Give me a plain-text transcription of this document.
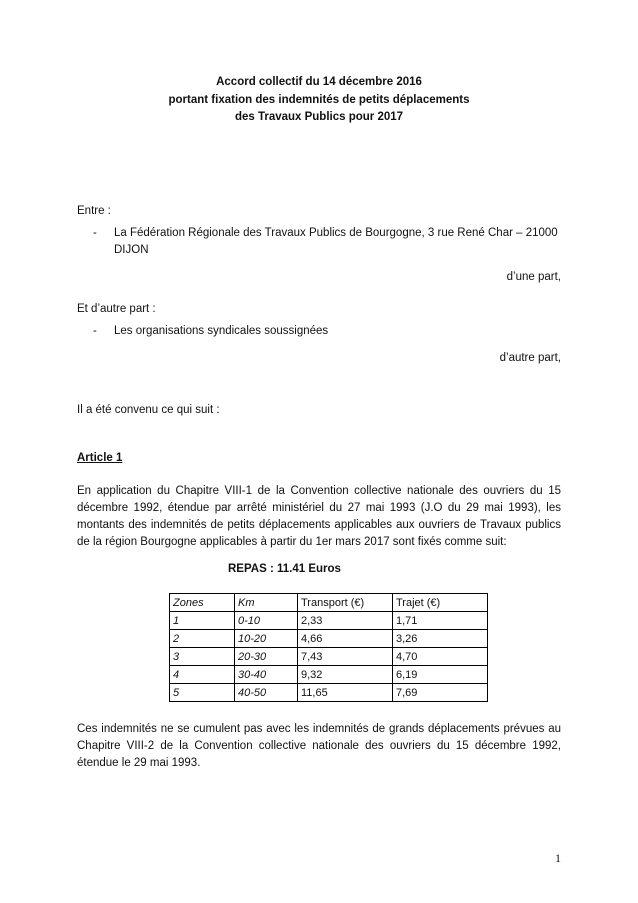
Accord collectif du 14 décembre 2016
portant fixation des indemnités de petits déplacements
des Travaux Publics pour 2017
Entre :
- La Fédération Régionale des Travaux Publics de Bourgogne, 3 rue René Char – 21000
DIJON
d’une part,
Et d’autre part :
- Les organisations syndicales soussignées
d’autre part,
Il a été convenu ce qui suit :
Article 1
En application du Chapitre VIII-1 de la Convention collective nationale des ouvriers du 15 décembre 1992, étendue par arrêté ministériel du 27 mai 1993 (J.O du 29 mai 1993), les montants des indemnités de petits déplacements applicables aux ouvriers de Travaux publics de la région Bourgogne applicables à partir du 1er mars 2017 sont fixés comme suit:
REPAS : 11.41 Euros
Zones	Km	Transport (€)	Trajet (€)
1	0-10	2,33	1,71
2	10-20	4,66	3,26
3	20-30	7,43	4,70
4	30-40	9,32	6,19
5	40-50	11,65	7,69
Ces indemnités ne se cumulent pas avec les indemnités de grands déplacements prévues au Chapitre VIII-2 de la Convention collective nationale des ouvriers du 15 décembre 1992, étendue le 29 mai 1993.
1
